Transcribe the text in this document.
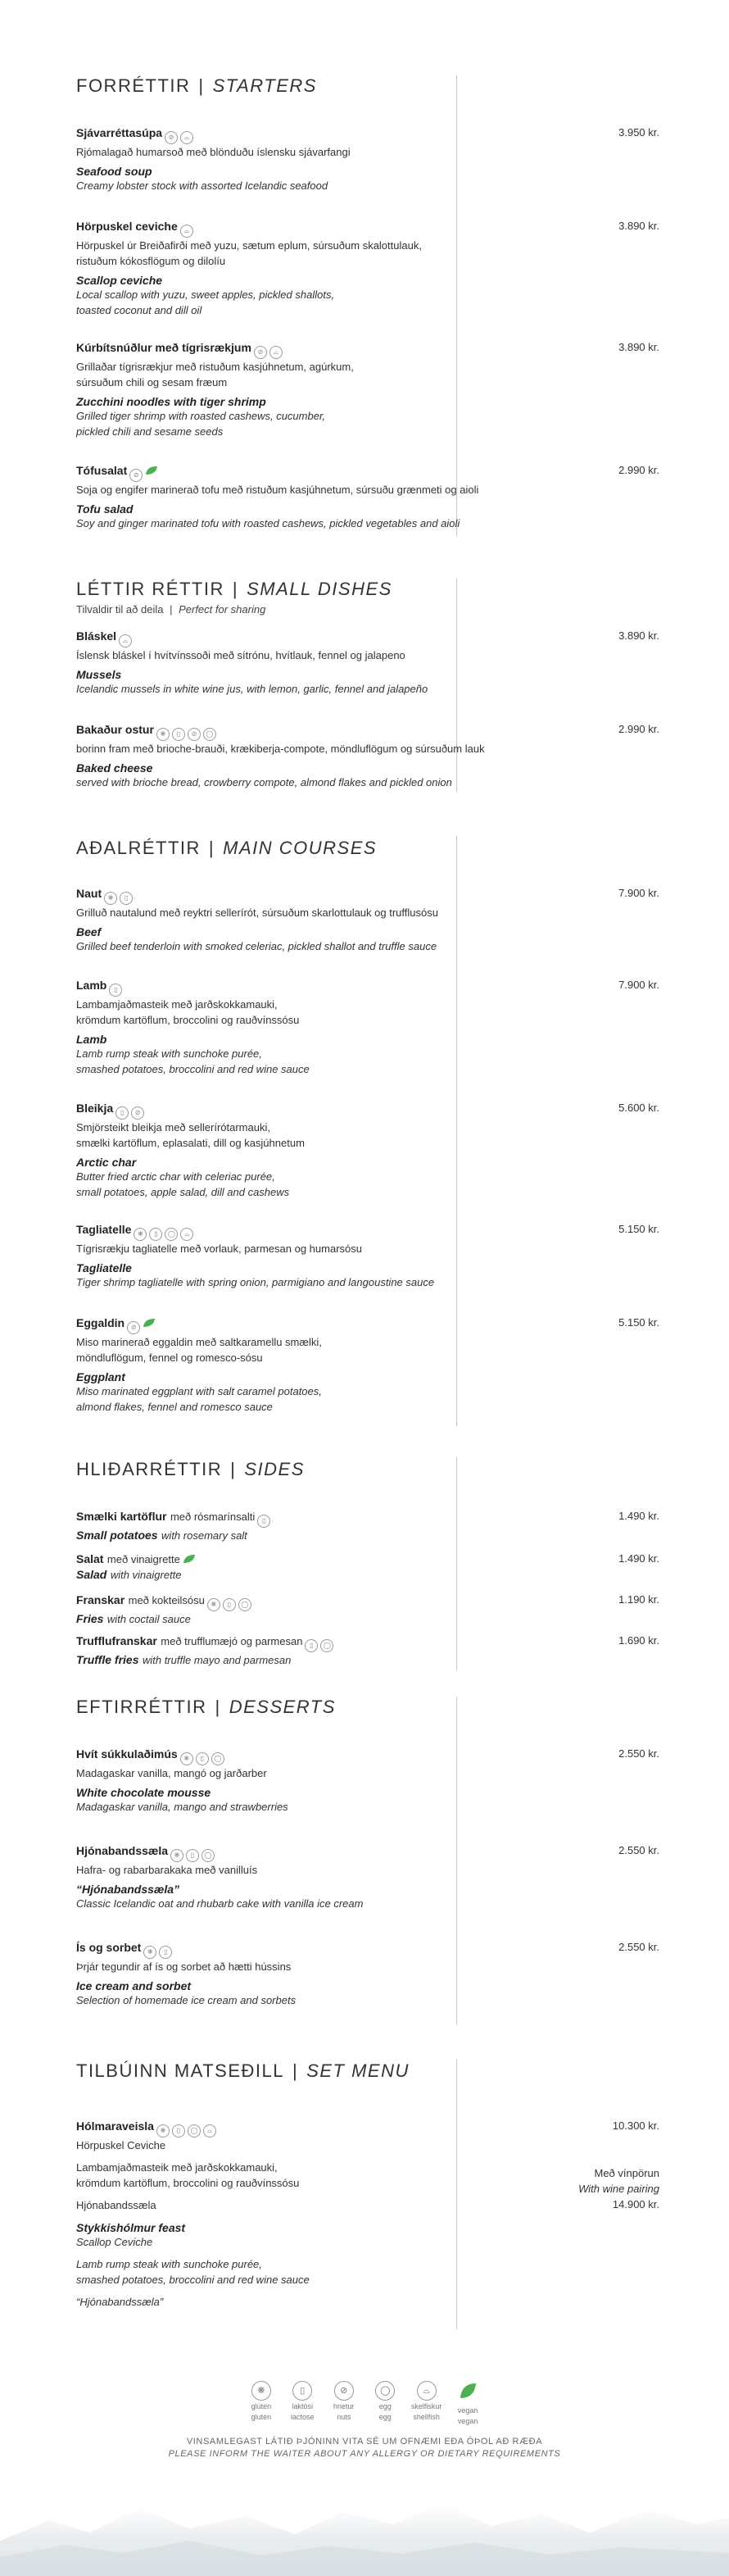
FORRÉTTIR | STARTERS
Sjávarréttasúpa ⊘ ⌓
Rjómalagað humarsoð með blönduðu íslensku sjávarfangi
Seafood soup
Creamy lobster stock with assorted Icelandic seafood
3.950 kr.
Hörpuskel ceviche ⌓
Hörpuskel úr Breiðafirði með yuzu, sætum eplum, súrsuðum skalottulauk,
ristuðum kókosflögum og dilolíu
Scallop ceviche
Local scallop with yuzu, sweet apples, pickled shallots,
toasted coconut and dill oil
3.890 kr.
Kúrbítsnúðlur með tígrisrækjum ⊘ ⌓
Grillaðar tígrisrækjur með ristuðum kasjúhnetum, agúrkum,
súrsuðum chili og sesam fræum
Zucchini noodles with tiger shrimp
Grilled tiger shrimp with roasted cashews, cucumber,
pickled chili and sesame seeds
3.890 kr.
Tófusalat ⊘
Soja og engifer marinerað tofu með ristuðum kasjúhnetum, súrsuðu grænmeti og aioli
Tofu salad
Soy and ginger marinated tofu with roasted cashews, pickled vegetables and aioli
2.990 kr.
LÉTTIR RÉTTIR | SMALL DISHES
Tilvaldir til að deila | Perfect for sharing
Bláskel ⌓
Íslensk bláskel í hvítvínssoði með sítrónu, hvítlauk, fennel og jalapeno
Mussels
Icelandic mussels in white wine jus, with lemon, garlic, fennel and jalapeño
3.890 kr.
Bakaður ostur ❋ ▯ ⊘ ◯
borinn fram með brioche-brauði, krækiberja-compote, möndluflögum og súrsuðum lauk
Baked cheese
served with brioche bread, crowberry compote, almond flakes and pickled onion
2.990 kr.
AÐALRÉTTIR | MAIN COURSES
Naut ❋ ▯
Grilluð nautalund með reyktri sellerírót, súrsuðum skarlottulauk og trufflusósu
Beef
Grilled beef tenderloin with smoked celeriac, pickled shallot and truffle sauce
7.900 kr.
Lamb ▯
Lambamjaðmasteik með jarðskokkamauki,
krömdum kartöflum, broccolini og rauðvínssósu
Lamb
Lamb rump steak with sunchoke purée,
smashed potatoes, broccolini and red wine sauce
7.900 kr.
Bleikja ▯ ⊘
Smjörsteikt bleikja með sellerírótarmauki,
smælki kartöflum, eplasalati, dill og kasjúhnetum
Arctic char
Butter fried arctic char with celeriac purée,
small potatoes, apple salad, dill and cashews
5.600 kr.
Tagliatelle ❋ ▯ ◯ ⌓
Tígrisrækju tagliatelle með vorlauk, parmesan og humarsósu
Tagliatelle
Tiger shrimp tagliatelle with spring onion, parmigiano and langoustine sauce
5.150 kr.
Eggaldin ⊘
Miso marinerað eggaldin með saltkaramellu smælki,
möndluflögum, fennel og romesco-sósu
Eggplant
Miso marinated eggplant with salt caramel potatoes,
almond flakes, fennel and romesco sauce
5.150 kr.
HLIÐARRÉTTIR | SIDES
Smælki kartöflur með rósmarínsalti ▯
Small potatoes with rosemary salt
1.490 kr.
Salat með vinaigrette
Salad with vinaigrette
1.490 kr.
Franskar með kokteilsósu ❋ ▯ ◯
Fries with coctail sauce
1.190 kr.
Trufflufranskar með trufflumæjó og parmesan ▯ ◯
Truffle fries with truffle mayo and parmesan
1.690 kr.
EFTIRRÉTTIR | DESSERTS
Hvít súkkulaðimús ❋ ▯ ◯
Madagaskar vanilla, mangó og jarðarber
White chocolate mousse
Madagaskar vanilla, mango and strawberries
2.550 kr.
Hjónabandssæla ❋ ▯ ◯
Hafra- og rabarbarakaka með vanilluís
“Hjónabandssæla”
Classic Icelandic oat and rhubarb cake with vanilla ice cream
2.550 kr.
Ís og sorbet ❋ ▯
Þrjár tegundir af ís og sorbet að hætti hússins
Ice cream and sorbet
Selection of homemade ice cream and sorbets
2.550 kr.
TILBÚINN MATSEÐILL | SET MENU
Hólmaraveisla ❋ ▯ ◯ ⌓
Hörpuskel Ceviche
Lambamjaðmasteik með jarðskokkamauki,
krömdum kartöflum, broccolini og rauðvínssósu
Hjónabandssæla
Stykkishólmur feast
Scallop Ceviche
Lamb rump steak with sunchoke purée,
smashed potatoes, broccolini and red wine sauce
“Hjónabandssæla”
10.300 kr.
Með vínpörun
With wine pairing
14.900 kr.
❋
glúten
gluten
▯
laktósi
lactose
⊘
hnetur
nuts
◯
egg
egg
⌓
skelfiskur
shellfish

vegan
vegan
VINSAMLEGAST LÁTIÐ ÞJÓNINN VITA SÉ UM OFNÆMI EÐA ÓÞOL AÐ RÆÐA
PLEASE INFORM THE WAITER ABOUT ANY ALLERGY OR DIETARY REQUIREMENTS
